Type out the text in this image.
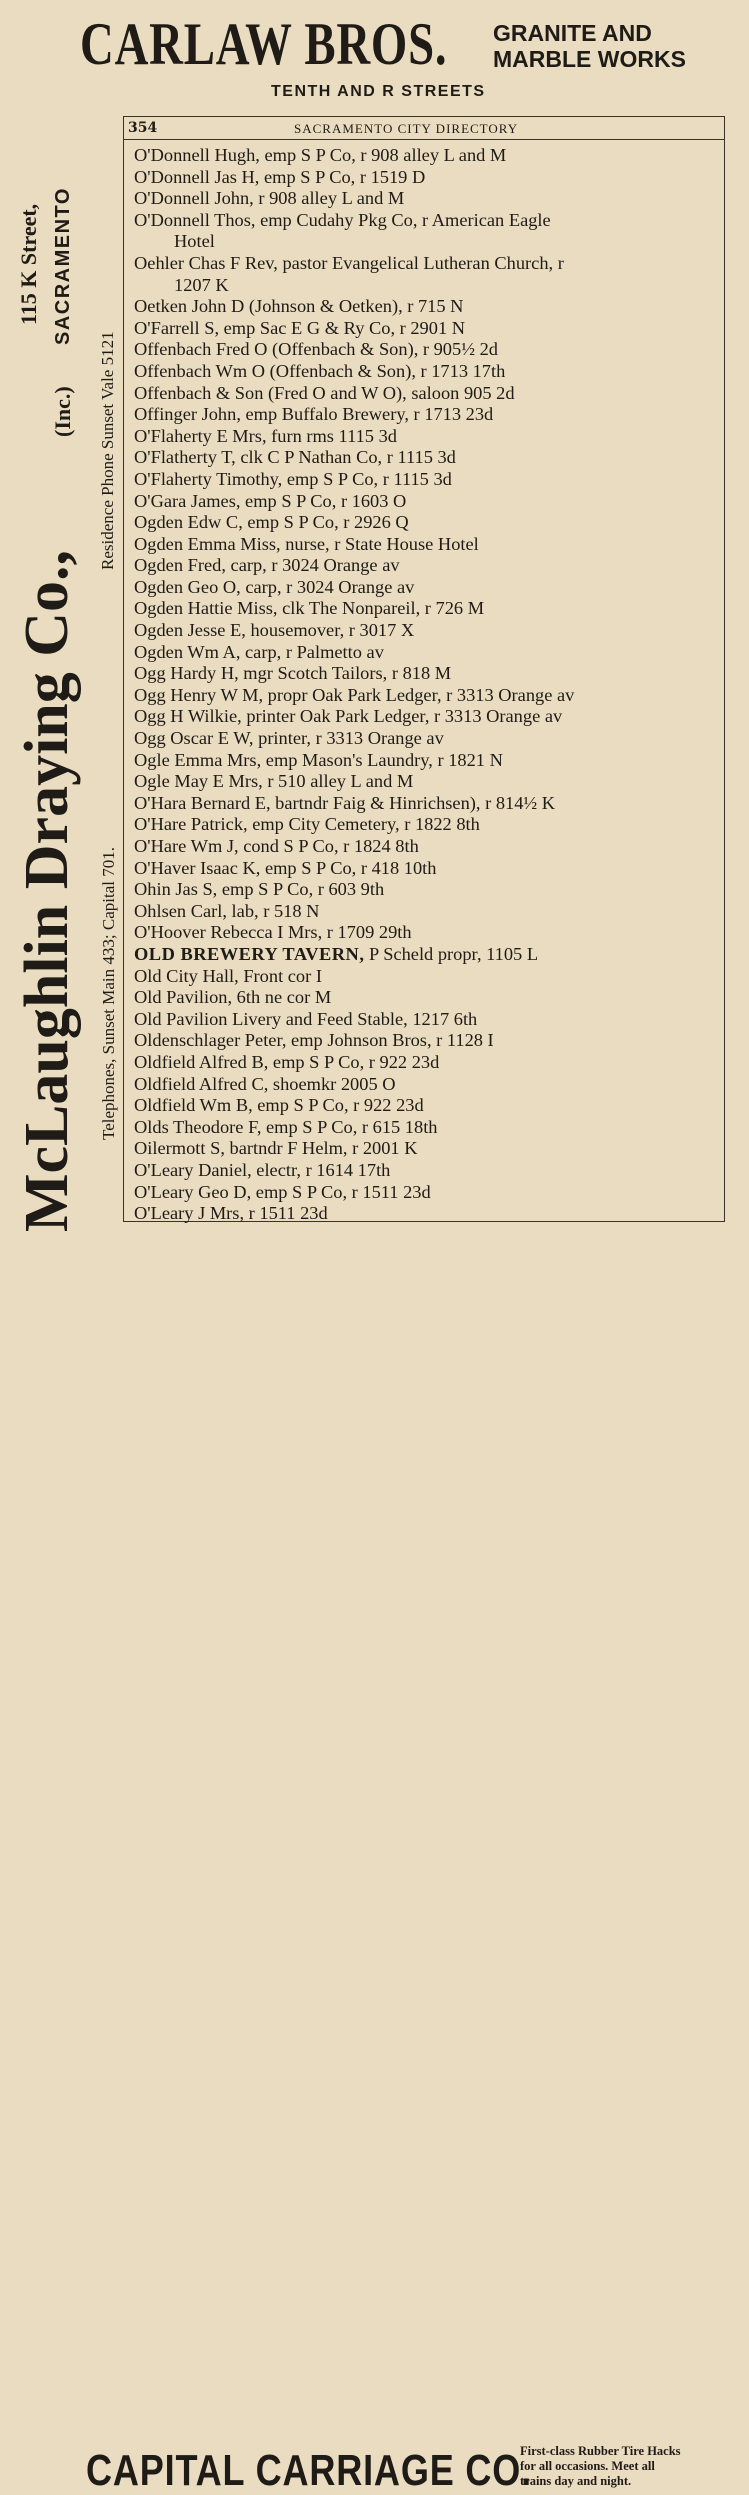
CARLAW BROS. GRANITE AND
MARBLE WORKS
TENTH AND R STREETS
McLaughlin Draying Co.,
(Inc.)
Telephones, Sunset Main 433; Capital 701.
Residence Phone Sunset Vale 5121
115 K Street, SACRAMENTO
354	SACRAMENTO CITY DIRECTORY
O'Donnell Hugh, emp S P Co, r 908 alley L and M
O'Donnell Jas H, emp S P Co, r 1519 D
O'Donnell John, r 908 alley L and M
O'Donnell Thos, emp Cudahy Pkg Co, r American Eagle
Hotel
Oehler Chas F Rev, pastor Evangelical Lutheran Church, r
1207 K
Oetken John D (Johnson & Oetken), r 715 N
O'Farrell S, emp Sac E G & Ry Co, r 2901 N
Offenbach Fred O (Offenbach & Son), r 905½ 2d
Offenbach Wm O (Offenbach & Son), r 1713 17th
Offenbach & Son (Fred O and W O), saloon 905 2d
Offinger John, emp Buffalo Brewery, r 1713 23d
O'Flaherty E Mrs, furn rms 1115 3d
O'Flatherty T, clk C P Nathan Co, r 1115 3d
O'Flaherty Timothy, emp S P Co, r 1115 3d
O'Gara James, emp S P Co, r 1603 O
Ogden Edw C, emp S P Co, r 2926 Q
Ogden Emma Miss, nurse, r State House Hotel
Ogden Fred, carp, r 3024 Orange av
Ogden Geo O, carp, r 3024 Orange av
Ogden Hattie Miss, clk The Nonpareil, r 726 M
Ogden Jesse E, housemover, r 3017 X
Ogden Wm A, carp, r Palmetto av
Ogg Hardy H, mgr Scotch Tailors, r 818 M
Ogg Henry W M, propr Oak Park Ledger, r 3313 Orange av
Ogg H Wilkie, printer Oak Park Ledger, r 3313 Orange av
Ogg Oscar E W, printer, r 3313 Orange av
Ogle Emma Mrs, emp Mason's Laundry, r 1821 N
Ogle May E Mrs, r 510 alley L and M
O'Hara Bernard E, bartndr Faig & Hinrichsen), r 814½ K
O'Hare Patrick, emp City Cemetery, r 1822 8th
O'Hare Wm J, cond S P Co, r 1824 8th
O'Haver Isaac K, emp S P Co, r 418 10th
Ohin Jas S, emp S P Co, r 603 9th
Ohlsen Carl, lab, r 518 N
O'Hoover Rebecca I Mrs, r 1709 29th
OLD BREWERY TAVERN, P Scheld propr, 1105 L
Old City Hall, Front cor I
Old Pavilion, 6th ne cor M
Old Pavilion Livery and Feed Stable, 1217 6th
Oldenschlager Peter, emp Johnson Bros, r 1128 I
Oldfield Alfred B, emp S P Co, r 922 23d
Oldfield Alfred C, shoemkr 2005 O
Oldfield Wm B, emp S P Co, r 922 23d
Olds Theodore F, emp S P Co, r 615 18th
Oilermott S, bartndr F Helm, r 2001 K
O'Leary Daniel, electr, r 1614 17th
O'Leary Geo D, emp S P Co, r 1511 23d
O'Leary J Mrs, r 1511 23d
CAPITAL CARRIAGE CO.
First-class Rubber Tire Hacks
for all occasions. Meet all
trains day and night.
